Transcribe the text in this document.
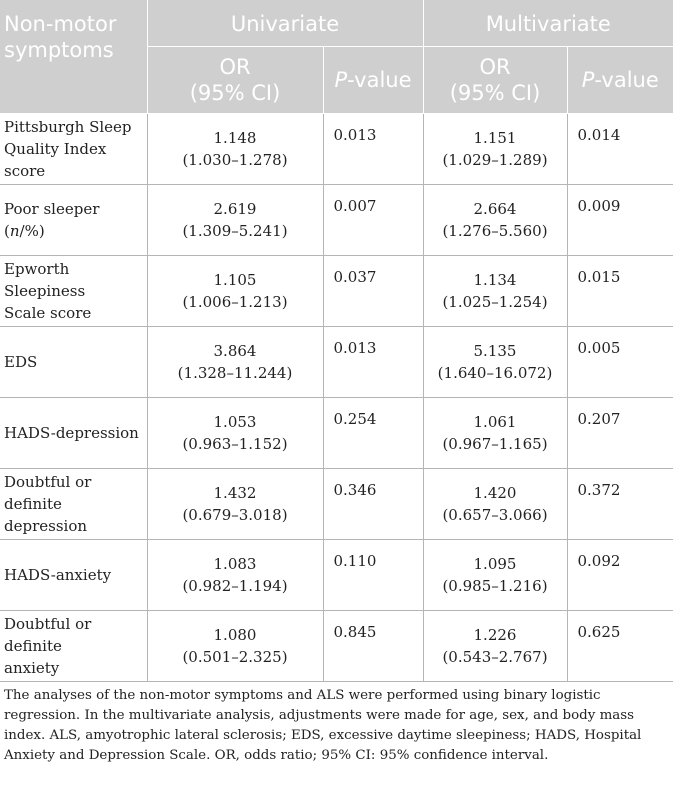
Non-motor symptoms	Univariate		Multivariate	

	OR
(95% CI)	P-value	OR
(95% CI)	P-value

Pittsburgh Sleep
Quality Index score	1.148
(1.030–1.278)	0.013	1.151
(1.029–1.289)	0.014

Poor sleeper (n/%)	2.619
(1.309–5.241)	0.007	2.664
(1.276–5.560)	0.009

Epworth Sleepiness
Scale score	1.105
(1.006–1.213)	0.037	1.134
(1.025–1.254)	0.015

EDS	3.864
(1.328–11.244)	0.013	5.135
(1.640–16.072)	0.005

HADS-depression	1.053
(0.963–1.152)	0.254	1.061
(0.967–1.165)	0.207

Doubtful or definite
depression	1.432
(0.679–3.018)	0.346	1.420
(0.657–3.066)	0.372

HADS-anxiety	1.083
(0.982–1.194)	0.110	1.095
(0.985–1.216)	0.092

Doubtful or definite
anxiety	1.080
(0.501–2.325)	0.845	1.226
(0.543–2.767)	0.625
The analyses of the non-motor symptoms and ALS were performed using binary logistic regression. In the multivariate analysis, adjustments were made for age, sex, and body mass index. ALS, amyotrophic lateral sclerosis; EDS, excessive daytime sleepiness; HADS, Hospital Anxiety and Depression Scale. OR, odds ratio; 95% CI: 95% confidence interval.
